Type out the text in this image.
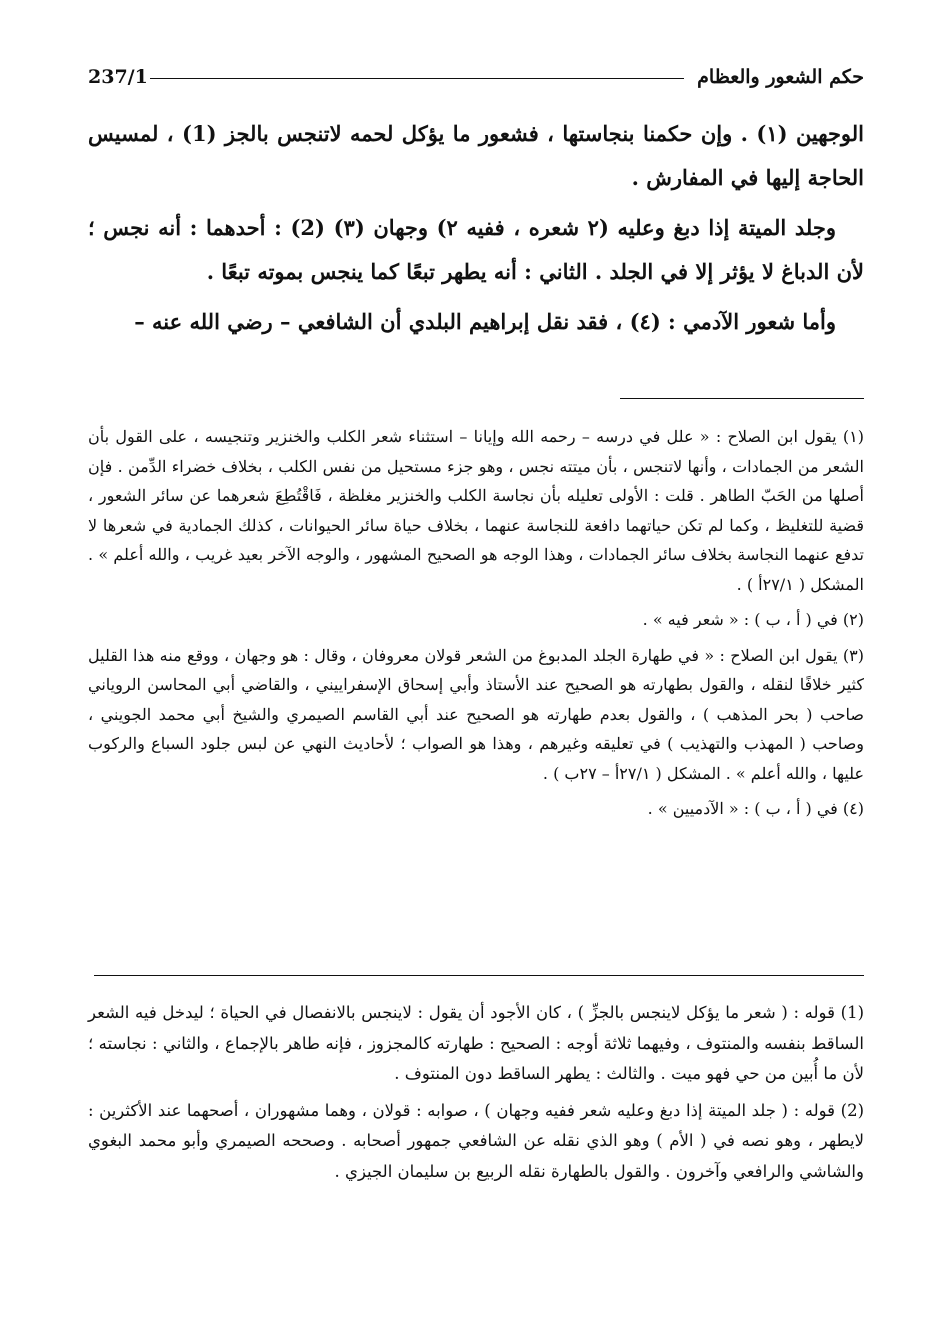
حكم الشعور والعظام
237/1

الوجهين (١) . وإن حكمنا بنجاستها ، فشعور ما يؤكل لحمه لاتنجس بالجز (1) ، لمسيس الحاجة إليها في المفارش .

وجلد الميتة إذا دبغ وعليه (٢ شعره ، ففيه ٢) وجهان (٣) (2) : أحدهما : أنه نجس ؛ لأن الدباغ لا يؤثر إلا في الجلد . الثاني : أنه يطهر تبعًا كما ينجس بموته تبعًا .

وأما شعور الآدمي : (٤) ، فقد نقل إبراهيم البلدي أن الشافعي – رضي الله عنه –

(١) يقول ابن الصلاح : « علل في درسه – رحمه الله وإيانا – استثناء شعر الكلب والخنزير وتنجيسه ، على القول بأن الشعر من الجمادات ، وأنها لاتنجس ، بأن ميتته نجس ، وهو جزء مستحيل من نفس الكلب ، بخلاف خضراء الدِّمن . فإن أصلها من الحَبّ الطاهر . قلت : الأولى تعليله بأن نجاسة الكلب والخنزير مغلظة ، فَاقْتُطِعَ شعرهما عن سائر الشعور ، قضية للتغليظ ، وكما لم تكن حياتهما دافعة للنجاسة عنهما ، بخلاف حياة سائر الحيوانات ، كذلك الجمادية في شعرها لا تدفع عنهما النجاسة بخلاف سائر الجمادات ، وهذا الوجه هو الصحيح المشهور ، والوجه الآخر بعيد غريب ، والله أعلم » . المشكل ( ٢٧/١أ ) .

(٢) في ( أ ، ب ) : « شعر فيه » .

(٣) يقول ابن الصلاح : « في طهارة الجلد المدبوغ من الشعر قولان معروفان ، وقال : هو وجهان ، ووقع منه هذا القليل كثير خلافًا لنقله ، والقول بطهارته هو الصحيح عند الأستاذ وأبي إسحاق الإسفراييني ، والقاضي أبي المحاسن الروياني صاحب ( بحر المذهب ) ، والقول بعدم طهارته هو الصحيح عند أبي القاسم الصيمري والشيخ أبي محمد الجويني ، وصاحب ( المهذب والتهذيب ) في تعليقه وغيرهم ، وهذا هو الصواب ؛ لأحاديث النهي عن لبس جلود السباع والركوب عليها ، والله أعلم » . المشكل ( ٢٧/١أ – ٢٧ب ) .

(٤) في ( أ ، ب ) : « الآدميين » .

(1) قوله : ( شعر ما يؤكل لاينجس بالجزِّ ) ، كان الأجود أن يقول : لاينجس بالانفصال في الحياة ؛ ليدخل فيه الشعر الساقط بنفسه والمنتوف ، وفيهما ثلاثة أوجه : الصحيح : طهارته كالمجزوز ، فإنه طاهر بالإجماع ، والثاني : نجاسته ؛ لأن ما أُبين من حي فهو ميت . والثالث : يطهر الساقط دون المنتوف .

(2) قوله : ( جلد الميتة إذا دبغ وعليه شعر ففيه وجهان ) ، صوابه : قولان ، وهما مشهوران ، أصحهما عند الأكثرين : لايطهر ، وهو نصه في ( الأم ) وهو الذي نقله عن الشافعي جمهور أصحابه . وصححه الصيمري وأبو محمد البغوي والشاشي والرافعي وآخرون . والقول بالطهارة نقله الربيع بن سليمان الجيزي .
